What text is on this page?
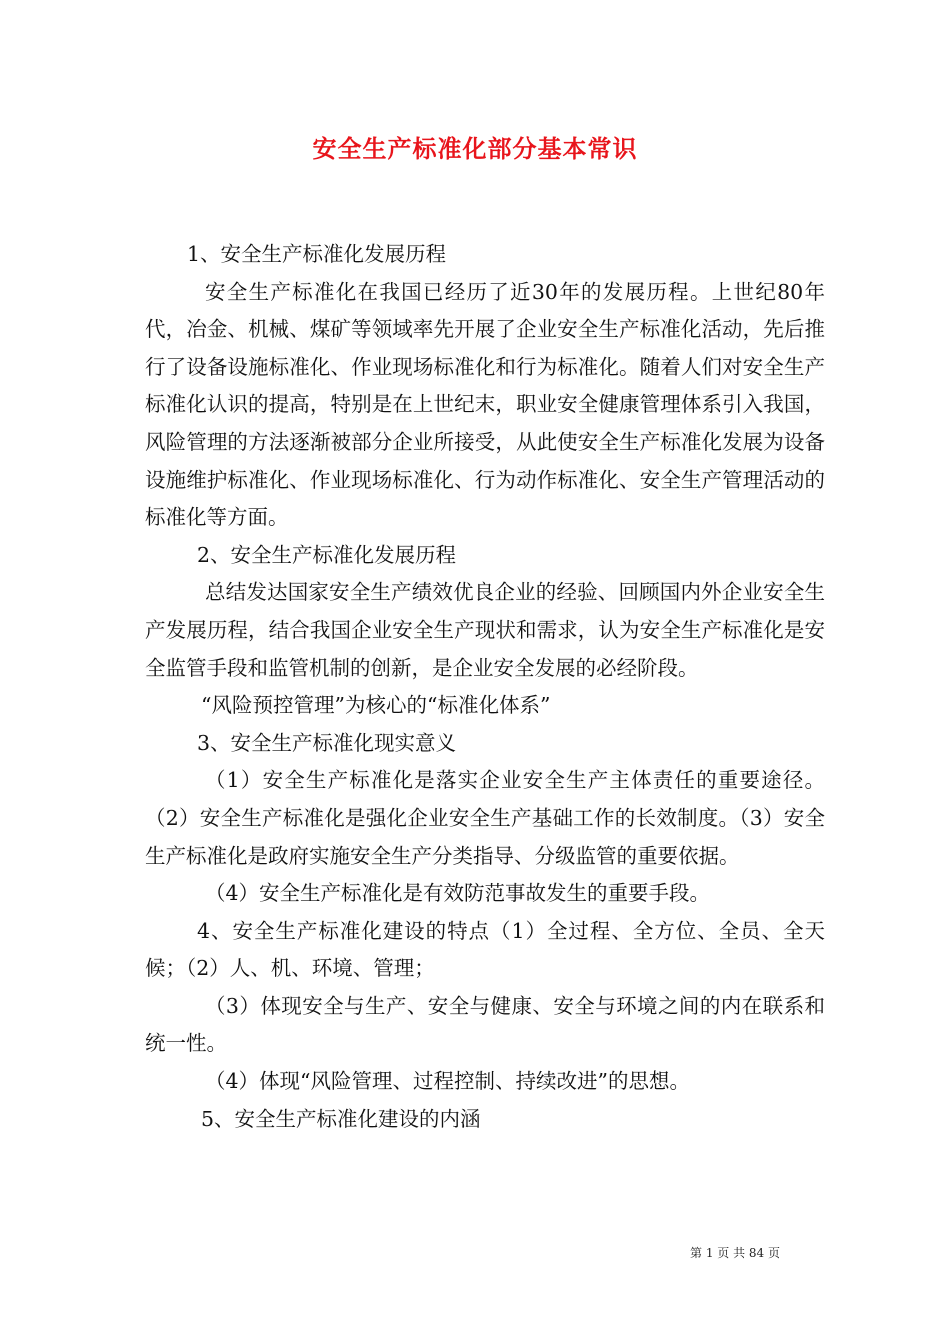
安全生产标准化部分基本常识

1、安全生产标准化发展历程

安全生产标准化在我国已经历了近30年的发展历程。上世纪80年代，冶金、机械、煤矿等领域率先开展了企业安全生产标准化活动，先后推行了设备设施标准化、作业现场标准化和行为标准化。随着人们对安全生产标准化认识的提高，特别是在上世纪末，职业安全健康管理体系引入我国，风险管理的方法逐渐被部分企业所接受，从此使安全生产标准化发展为设备设施维护标准化、作业现场标准化、行为动作标准化、安全生产管理活动的标准化等方面。

2、安全生产标准化发展历程

总结发达国家安全生产绩效优良企业的经验、回顾国内外企业安全生产发展历程，结合我国企业安全生产现状和需求，认为安全生产标准化是安全监管手段和监管机制的创新，是企业安全发展的必经阶段。

“风险预控管理”为核心的“标准化体系”

3、安全生产标准化现实意义

（1）安全生产标准化是落实企业安全生产主体责任的重要途径。（2）安全生产标准化是强化企业安全生产基础工作的长效制度。（3）安全生产标准化是政府实施安全生产分类指导、分级监管的重要依据。

（4）安全生产标准化是有效防范事故发生的重要手段。

4、安全生产标准化建设的特点（1）全过程、全方位、全员、全天候；（2）人、机、环境、管理；

（3）体现安全与生产、安全与健康、安全与环境之间的内在联系和统一性。

（4）体现“风险管理、过程控制、持续改进”的思想。

5、安全生产标准化建设的内涵

第 1 页 共 84 页
